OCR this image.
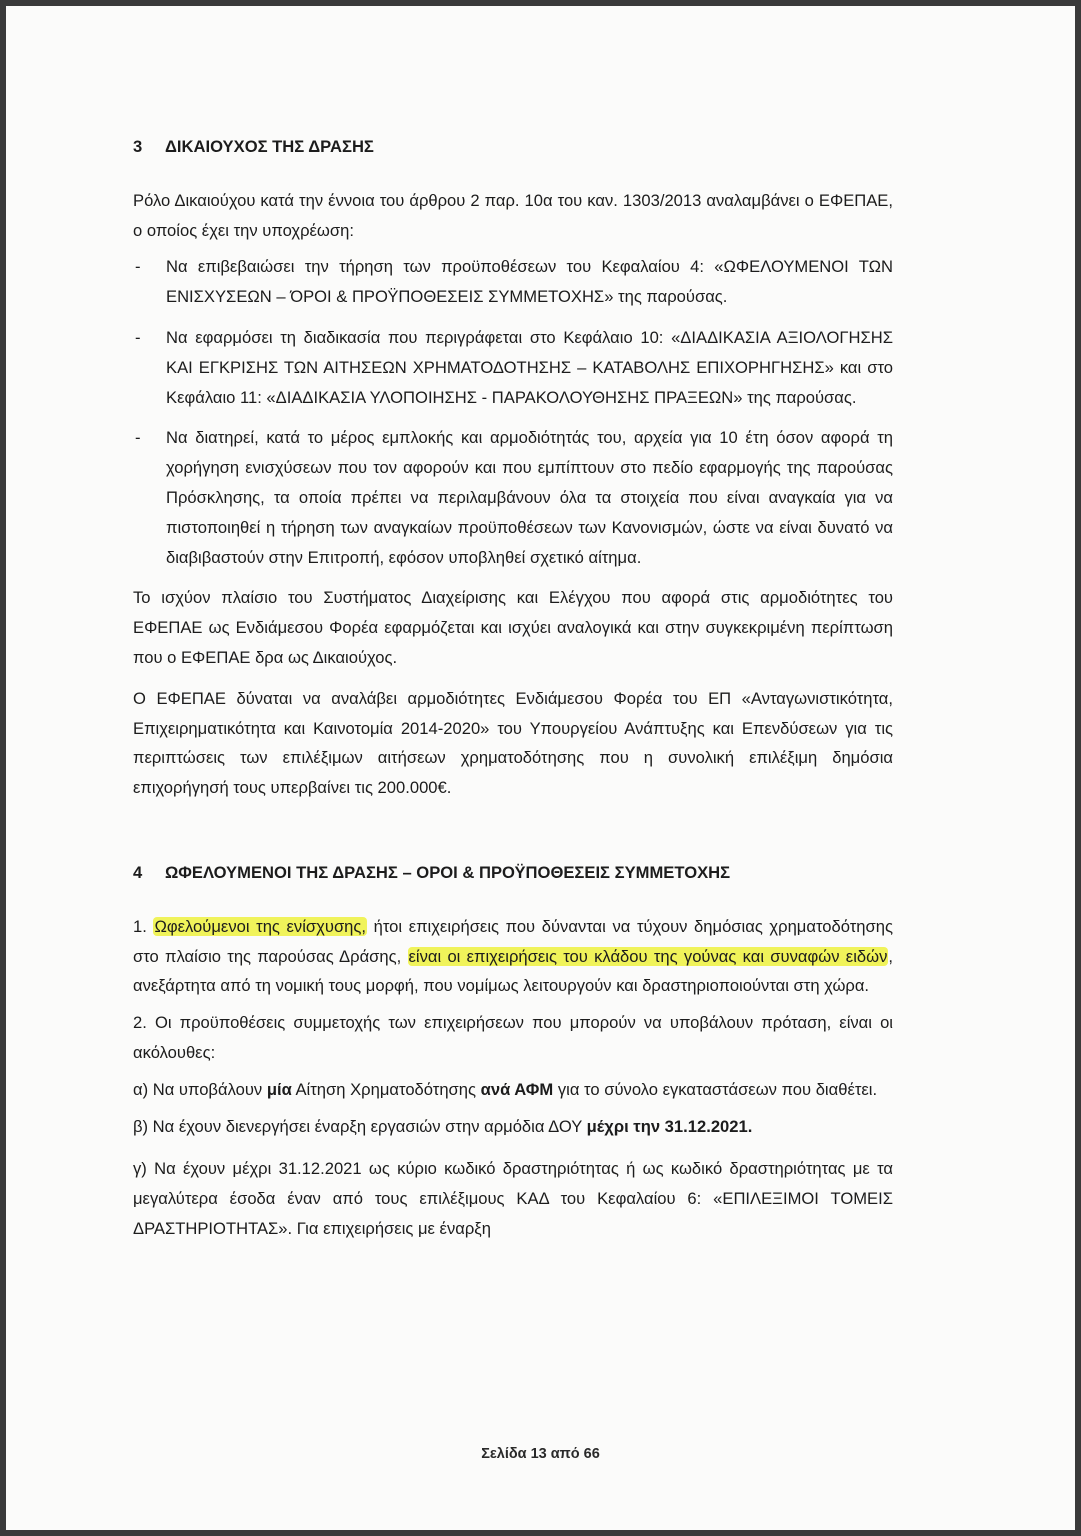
3 ΔΙΚΑΙΟΥΧΟΣ ΤΗΣ ΔΡΑΣΗΣ

Ρόλο Δικαιούχου κατά την έννοια του άρθρου 2 παρ. 10α του καν. 1303/2013 αναλαμβάνει ο ΕΦΕΠΑΕ, ο οποίος έχει την υποχρέωση:

- Να επιβεβαιώσει την τήρηση των προϋποθέσεων του Κεφαλαίου 4: «ΩΦΕΛΟΥΜΕΝΟΙ ΤΩΝ ΕΝΙΣΧΥΣΕΩΝ – ΌΡΟΙ & ΠΡΟΫΠΟΘΕΣΕΙΣ ΣΥΜΜΕΤΟΧΗΣ» της παρούσας.
- Να εφαρμόσει τη διαδικασία που περιγράφεται στο Κεφάλαιο 10: «ΔΙΑΔΙΚΑΣΙΑ ΑΞΙΟΛΟΓΗΣΗΣ ΚΑΙ ΕΓΚΡΙΣΗΣ ΤΩΝ ΑΙΤΗΣΕΩΝ ΧΡΗΜΑΤΟΔΟΤΗΣΗΣ – ΚΑΤΑΒΟΛΗΣ ΕΠΙΧΟΡΗΓΗΣΗΣ» και στο Κεφάλαιο 11: «ΔΙΑΔΙΚΑΣΙΑ ΥΛΟΠΟΙΗΣΗΣ - ΠΑΡΑΚΟΛΟΥΘΗΣΗΣ ΠΡΑΞΕΩΝ» της παρούσας.
- Να διατηρεί, κατά το μέρος εμπλοκής και αρμοδιότητάς του, αρχεία για 10 έτη όσον αφορά τη χορήγηση ενισχύσεων που τον αφορούν και που εμπίπτουν στο πεδίο εφαρμογής της παρούσας Πρόσκλησης, τα οποία πρέπει να περιλαμβάνουν όλα τα στοιχεία που είναι αναγκαία για να πιστοποιηθεί η τήρηση των αναγκαίων προϋποθέσεων των Κανονισμών, ώστε να είναι δυνατό να διαβιβαστούν στην Επιτροπή, εφόσον υποβληθεί σχετικό αίτημα.

Το ισχύον πλαίσιο του Συστήματος Διαχείρισης και Ελέγχου που αφορά στις αρμοδιότητες του ΕΦΕΠΑΕ ως Ενδιάμεσου Φορέα εφαρμόζεται και ισχύει αναλογικά και στην συγκεκριμένη περίπτωση που ο ΕΦΕΠΑΕ δρα ως Δικαιούχος.

Ο ΕΦΕΠΑΕ δύναται να αναλάβει αρμοδιότητες Ενδιάμεσου Φορέα του ΕΠ «Ανταγωνιστικότητα, Επιχειρηματικότητα και Καινοτομία 2014-2020» του Υπουργείου Ανάπτυξης και Επενδύσεων για τις περιπτώσεις των επιλέξιμων αιτήσεων χρηματοδότησης που η συνολική επιλέξιμη δημόσια επιχορήγησή τους υπερβαίνει τις 200.000€.

4 ΩΦΕΛΟΥΜΕΝΟΙ ΤΗΣ ΔΡΑΣΗΣ – ΟΡΟΙ & ΠΡΟΫΠΟΘΕΣΕΙΣ ΣΥΜΜΕΤΟΧΗΣ

1. Ωφελούμενοι της ενίσχυσης, ήτοι επιχειρήσεις που δύνανται να τύχουν δημόσιας χρηματοδότησης στο πλαίσιο της παρούσας Δράσης, είναι οι επιχειρήσεις του κλάδου της γούνας και συναφών ειδών, ανεξάρτητα από τη νομική τους μορφή, που νομίμως λειτουργούν και δραστηριοποιούνται στη χώρα.

2. Οι προϋποθέσεις συμμετοχής των επιχειρήσεων που μπορούν να υποβάλουν πρόταση, είναι οι ακόλουθες:

α) Να υποβάλουν μία Αίτηση Χρηματοδότησης ανά ΑΦΜ για το σύνολο εγκαταστάσεων που διαθέτει.

β) Να έχουν διενεργήσει έναρξη εργασιών στην αρμόδια ΔΟΥ μέχρι την 31.12.2021.

γ) Να έχουν μέχρι 31.12.2021 ως κύριο κωδικό δραστηριότητας ή ως κωδικό δραστηριότητας με τα μεγαλύτερα έσοδα έναν από τους επιλέξιμους ΚΑΔ του Κεφαλαίου 6: «ΕΠΙΛΕΞΙΜΟΙ ΤΟΜΕΙΣ ΔΡΑΣΤΗΡΙΟΤΗΤΑΣ». Για επιχειρήσεις με έναρξη

Σελίδα 13 από 66
